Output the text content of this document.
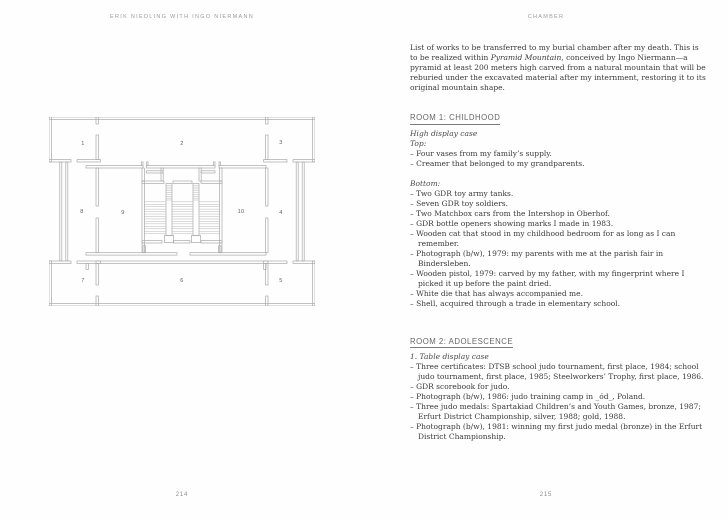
ERIK NIEDLING WITH INGO NIERMANN
1	2	3
4
5
6
7
8	9	10
214
CHAMBER

List of works to be transferred to my burial chamber after my death. This is to be realized within Pyramid Mountain, conceived by Ingo Niermann—a pyramid at least 200 meters high carved from a natural mountain that will be reburied under the excavated material after my internment, restoring it to its original mountain shape.

ROOM 1: CHILDHOOD
High display case
Top:
– Four vases from my family’s supply.
– Creamer that belonged to my grandparents.
Bottom:
– Two GDR toy army tanks.
– Seven GDR toy soldiers.
– Two Matchbox cars from the Intershop in Oberhof.
– GDR bottle openers showing marks I made in 1983.
– Wooden cat that stood in my childhood bedroom for as long as I can remember.
– Photograph (b/w), 1979: my parents with me at the parish fair in Bindersleben.
– Wooden pistol, 1979: carved by my father, with my fingerprint where I picked it up before the paint dried.
– White die that has always accompanied me.
– Shell, acquired through a trade in elementary school.
ROOM 2: ADOLESCENCE
1. Table display case
– Three certificates: DTSB school judo tournament, first place, 1984; school judo tournament, first place, 1985; Steelworkers’ Trophy, first place, 1986.
– GDR scorebook for judo.
– Photograph (b/w), 1986: judo training camp in _ód_, Poland.
– Three judo medals: Spartakiad Children’s and Youth Games, bronze, 1987; Erfurt District Championship, silver, 1988; gold, 1988.
– Photograph (b/w), 1981: winning my first judo medal (bronze) in the Erfurt District Championship.
215
